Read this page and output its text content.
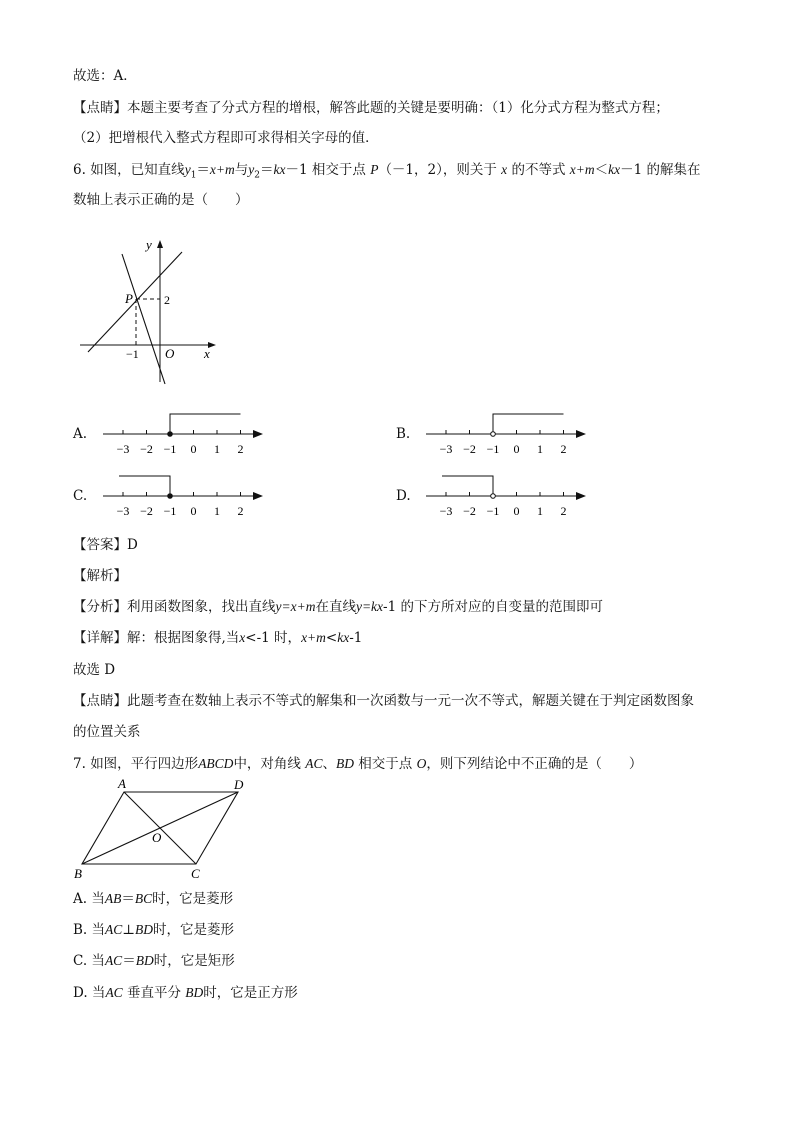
故选：A．
【点睛】本题主要考查了分式方程的增根，解答此题的关键是要明确：（1）化分式方程为整式方程；
（2）把增根代入整式方程即可求得相关字母的值．
6. 如图，已知直线$y_1=x+m$与$y_2=kx-1$ 相交于点 P（－1，2），则关于 x 的不等式 x+m＜kx－1 的解集在
数轴上表示正确的是（　　）
y
x
P	2
−1 O
A.
−3 −2 −1 0 1 2
B.
−3 −2 −1 0 1 2
C.
−3 −2 −1 0 1 2
D.
−3 −2 −1 0 1 2
【答案】D
【解析】
【分析】利用函数图象，找出直线y=x+m在直线y=kx-1 的下方所对应的自变量的范围即可
【详解】解：根据图象得,当x<-1 时，x+m<kx-1
故选 D
【点睛】此题考查在数轴上表示不等式的解集和一次函数与一元一次不等式，解题关键在于判定函数图象
的位置关系
7. 如图，平行四边形ABCD中，对角线 AC、BD 相交于点 O，则下列结论中不正确的是（　　）
A	D
B	C
O
A. 当AB＝BC时，它是菱形
B. 当AC⊥BD时，它是菱形
C. 当AC＝BD时，它是矩形
D. 当AC 垂直平分 BD时，它是正方形
